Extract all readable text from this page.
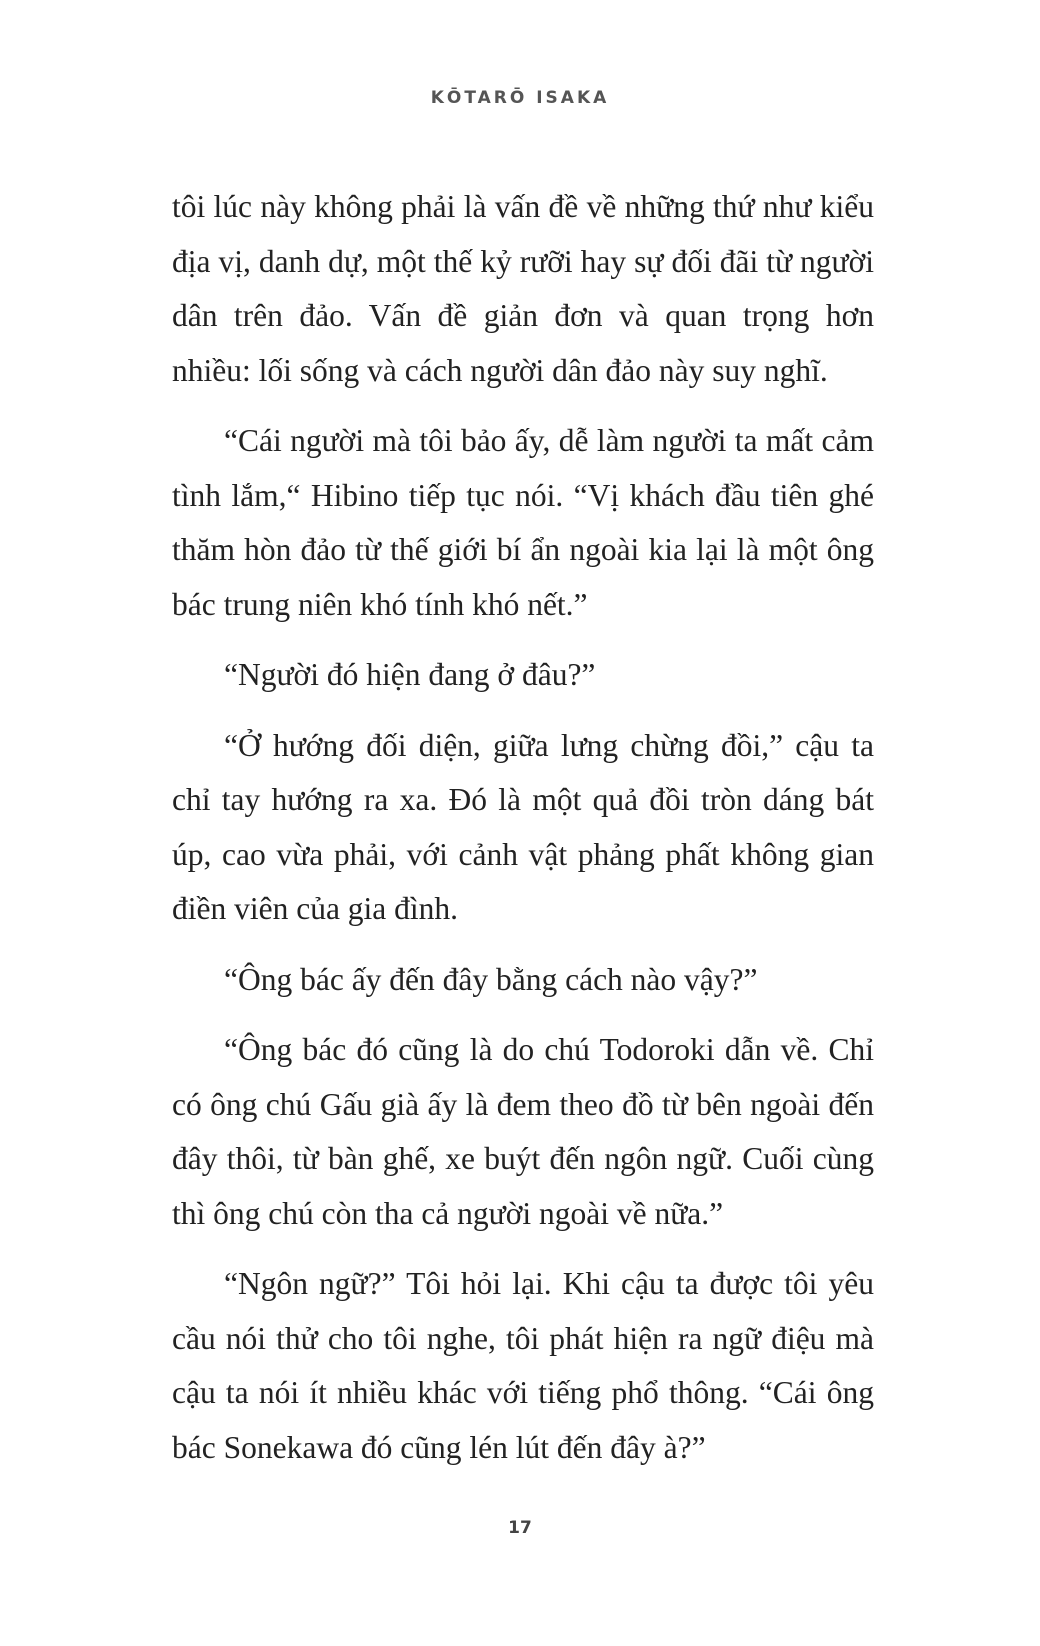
KŌTARŌ ISAKA

tôi lúc này không phải là vấn đề về những thứ như kiểu địa vị, danh dự, một thế kỷ rưỡi hay sự đối đãi từ người dân trên đảo. Vấn đề giản đơn và quan trọng hơn nhiều: lối sống và cách người dân đảo này suy nghĩ.

“Cái người mà tôi bảo ấy, dễ làm người ta mất cảm tình lắm,“ Hibino tiếp tục nói. “Vị khách đầu tiên ghé thăm hòn đảo từ thế giới bí ẩn ngoài kia lại là một ông bác trung niên khó tính khó nết.”

“Người đó hiện đang ở đâu?”

“Ở hướng đối diện, giữa lưng chừng đồi,” cậu ta chỉ tay hướng ra xa. Đó là một quả đồi tròn dáng bát úp, cao vừa phải, với cảnh vật phảng phất không gian điền viên của gia đình.

“Ông bác ấy đến đây bằng cách nào vậy?”

“Ông bác đó cũng là do chú Todoroki dẫn về. Chỉ có ông chú Gấu già ấy là đem theo đồ từ bên ngoài đến đây thôi, từ bàn ghế, xe buýt đến ngôn ngữ. Cuối cùng thì ông chú còn tha cả người ngoài về nữa.”

“Ngôn ngữ?” Tôi hỏi lại. Khi cậu ta được tôi yêu cầu nói thử cho tôi nghe, tôi phát hiện ra ngữ điệu mà cậu ta nói ít nhiều khác với tiếng phổ thông. “Cái ông bác Sonekawa đó cũng lén lút đến đây à?”

17
